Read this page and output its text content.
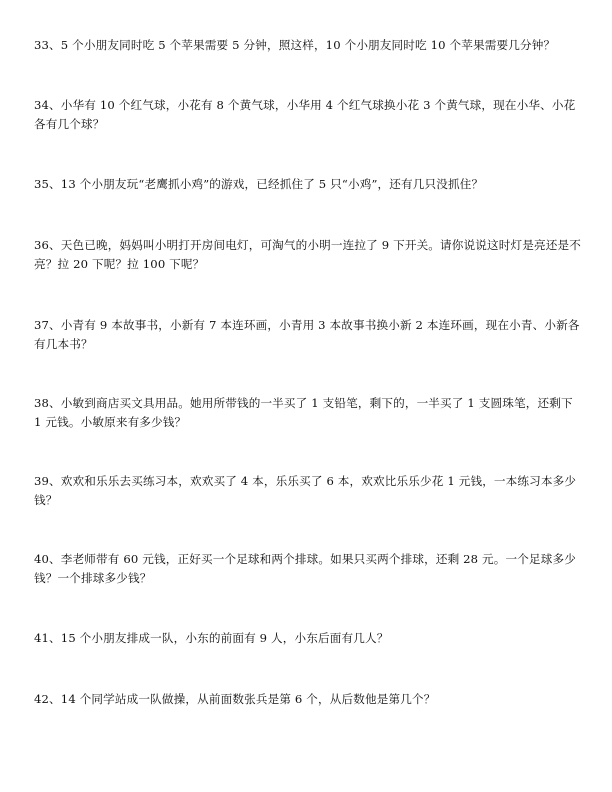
33、5 个小朋友同时吃 5 个苹果需要 5 分钟，照这样，10 个小朋友同时吃 10 个苹果需要几分钟？

34、小华有 10 个红气球，小花有 8 个黄气球，小华用 4 个红气球换小花 3 个黄气球，现在小华、小花各有几个球？

35、13 个小朋友玩“老鹰抓小鸡”的游戏，已经抓住了 5 只“小鸡”，还有几只没抓住？

36、天色已晚，妈妈叫小明打开房间电灯，可淘气的小明一连拉了 9 下开关。请你说说这时灯是亮还是不亮？拉 20 下呢？拉 100 下呢？

37、小青有 9 本故事书，小新有 7 本连环画，小青用 3 本故事书换小新 2 本连环画，现在小青、小新各有几本书？

38、小敏到商店买文具用品。她用所带钱的一半买了 1 支铅笔，剩下的，一半买了 1 支圆珠笔，还剩下 1 元钱。小敏原来有多少钱？

39、欢欢和乐乐去买练习本，欢欢买了 4 本，乐乐买了 6 本，欢欢比乐乐少花 1 元钱，一本练习本多少钱？

40、李老师带有 60 元钱，正好买一个足球和两个排球。如果只买两个排球，还剩 28 元。一个足球多少钱？一个排球多少钱？

41、15 个小朋友排成一队，小东的前面有 9 人，小东后面有几人？

42、14 个同学站成一队做操，从前面数张兵是第 6 个，从后数他是第几个？
